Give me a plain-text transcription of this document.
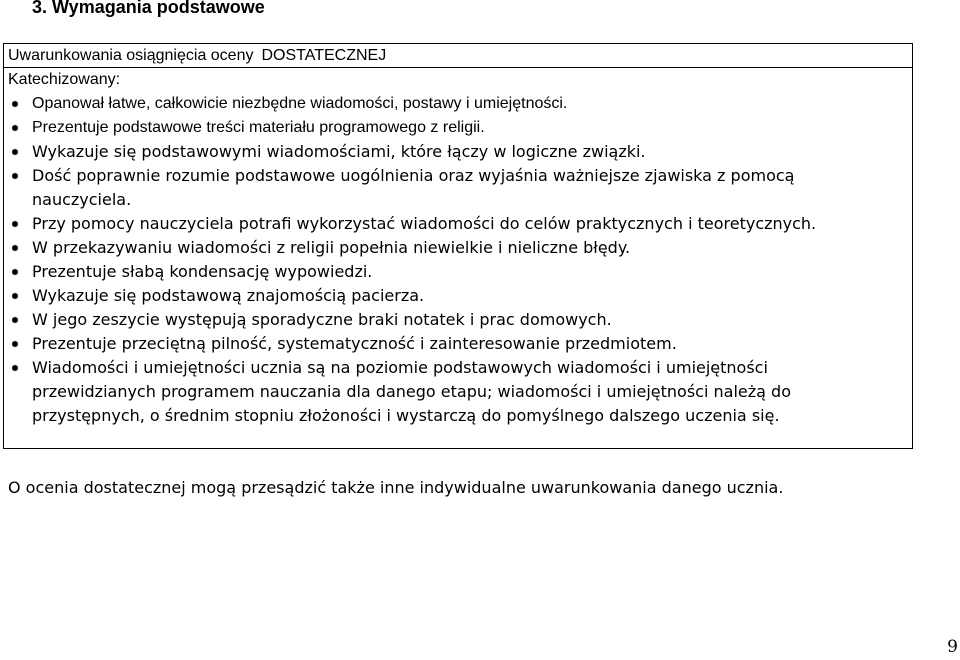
3. Wymagania podstawowe
Uwarunkowania osiągnięcia oceny DOSTATECZNEJ
Katechizowany:
Opanował łatwe, całkowicie niezbędne wiadomości, postawy i umiejętności.
Prezentuje podstawowe treści materiału programowego z religii.
Wykazuje się podstawowymi wiadomościami, które łączy w logiczne związki.
Dość poprawnie rozumie podstawowe uogólnienia oraz wyjaśnia ważniejsze zjawiska z pomocą
nauczyciela.
Przy pomocy nauczyciela potrafi wykorzystać wiadomości do celów praktycznych i teoretycznych.
W przekazywaniu wiadomości z religii popełnia niewielkie i nieliczne błędy.
Prezentuje słabą kondensację wypowiedzi.
Wykazuje się podstawową znajomością pacierza.
W jego zeszycie występują sporadyczne braki notatek i prac domowych.
Prezentuje przeciętną pilność, systematyczność i zainteresowanie przedmiotem.
Wiadomości i umiejętności ucznia są na poziomie podstawowych wiadomości i umiejętności
przewidzianych programem nauczania dla danego etapu; wiadomości i umiejętności należą do
przystępnych, o średnim stopniu złożoności i wystarczą do pomyślnego dalszego uczenia się.
O ocenia dostatecznej mogą przesądzić także inne indywidualne uwarunkowania danego ucznia.
9
